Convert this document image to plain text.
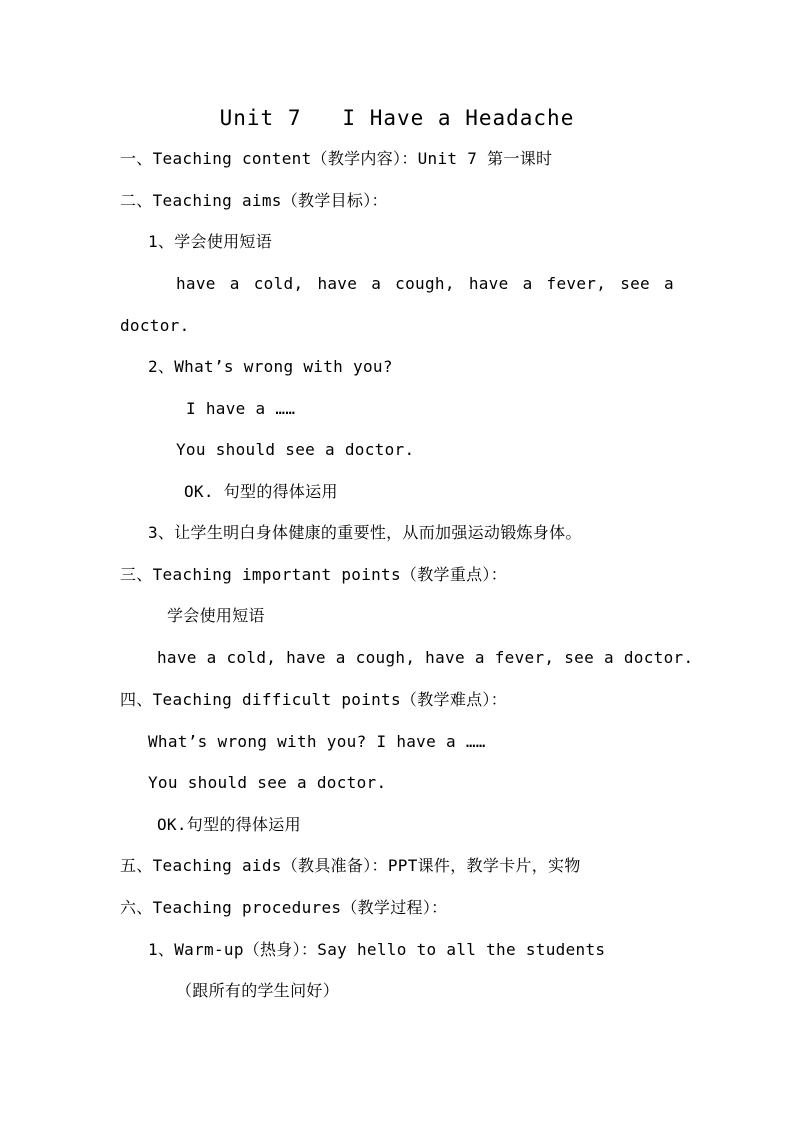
Unit 7   I Have a Headache
一、Teaching content（教学内容）：Unit 7 第一课时
二、Teaching aims（教学目标）：
1、学会使用短语
have a cold, have a cough, have a fever, see a
doctor.
2、What’s wrong with you?
I have a ……
You should see a doctor.
OK. 句型的得体运用
3、让学生明白身体健康的重要性，从而加强运动锻炼身体。
三、Teaching important points（教学重点）：
学会使用短语
have a cold, have a cough, have a fever, see a doctor.
四、Teaching difficult points（教学难点）：
What’s wrong with you? I have a ……
You should see a doctor.
OK.句型的得体运用
五、Teaching aids（教具准备）：PPT课件，教学卡片，实物
六、Teaching procedures（教学过程）：
1、Warm-up（热身）：Say hello to all the students
（跟所有的学生问好）
